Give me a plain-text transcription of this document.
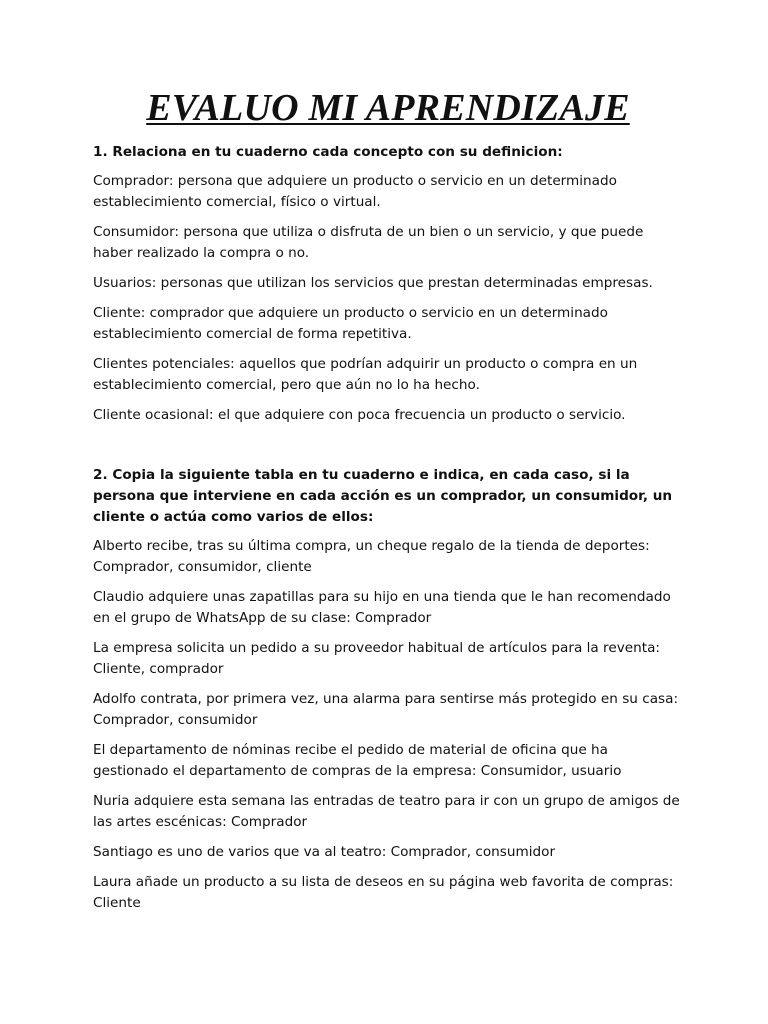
EVALUO MI APRENDIZAJE

1. Relaciona en tu cuaderno cada concepto con su definicion:

Comprador: persona que adquiere un producto o servicio en un determinado establecimiento comercial, físico o virtual.

Consumidor: persona que utiliza o disfruta de un bien o un servicio, y que puede haber realizado la compra o no.

Usuarios: personas que utilizan los servicios que prestan determinadas empresas.

Cliente: comprador que adquiere un producto o servicio en un determinado establecimiento comercial de forma repetitiva.

Clientes potenciales: aquellos que podrían adquirir un producto o compra en un establecimiento comercial, pero que aún no lo ha hecho.

Cliente ocasional: el que adquiere con poca frecuencia un producto o servicio.

2. Copia la siguiente tabla en tu cuaderno e indica, en cada caso, si la persona que interviene en cada acción es un comprador, un consumidor, un cliente o actúa como varios de ellos:

Alberto recibe, tras su última compra, un cheque regalo de la tienda de deportes: Comprador, consumidor, cliente

Claudio adquiere unas zapatillas para su hijo en una tienda que le han recomendado en el grupo de WhatsApp de su clase: Comprador

La empresa solicita un pedido a su proveedor habitual de artículos para la reventa: Cliente, comprador

Adolfo contrata, por primera vez, una alarma para sentirse más protegido en su casa: Comprador, consumidor

El departamento de nóminas recibe el pedido de material de oficina que ha gestionado el departamento de compras de la empresa: Consumidor, usuario

Nuria adquiere esta semana las entradas de teatro para ir con un grupo de amigos de las artes escénicas: Comprador

Santiago es uno de varios que va al teatro: Comprador, consumidor

Laura añade un producto a su lista de deseos en su página web favorita de compras: Cliente
